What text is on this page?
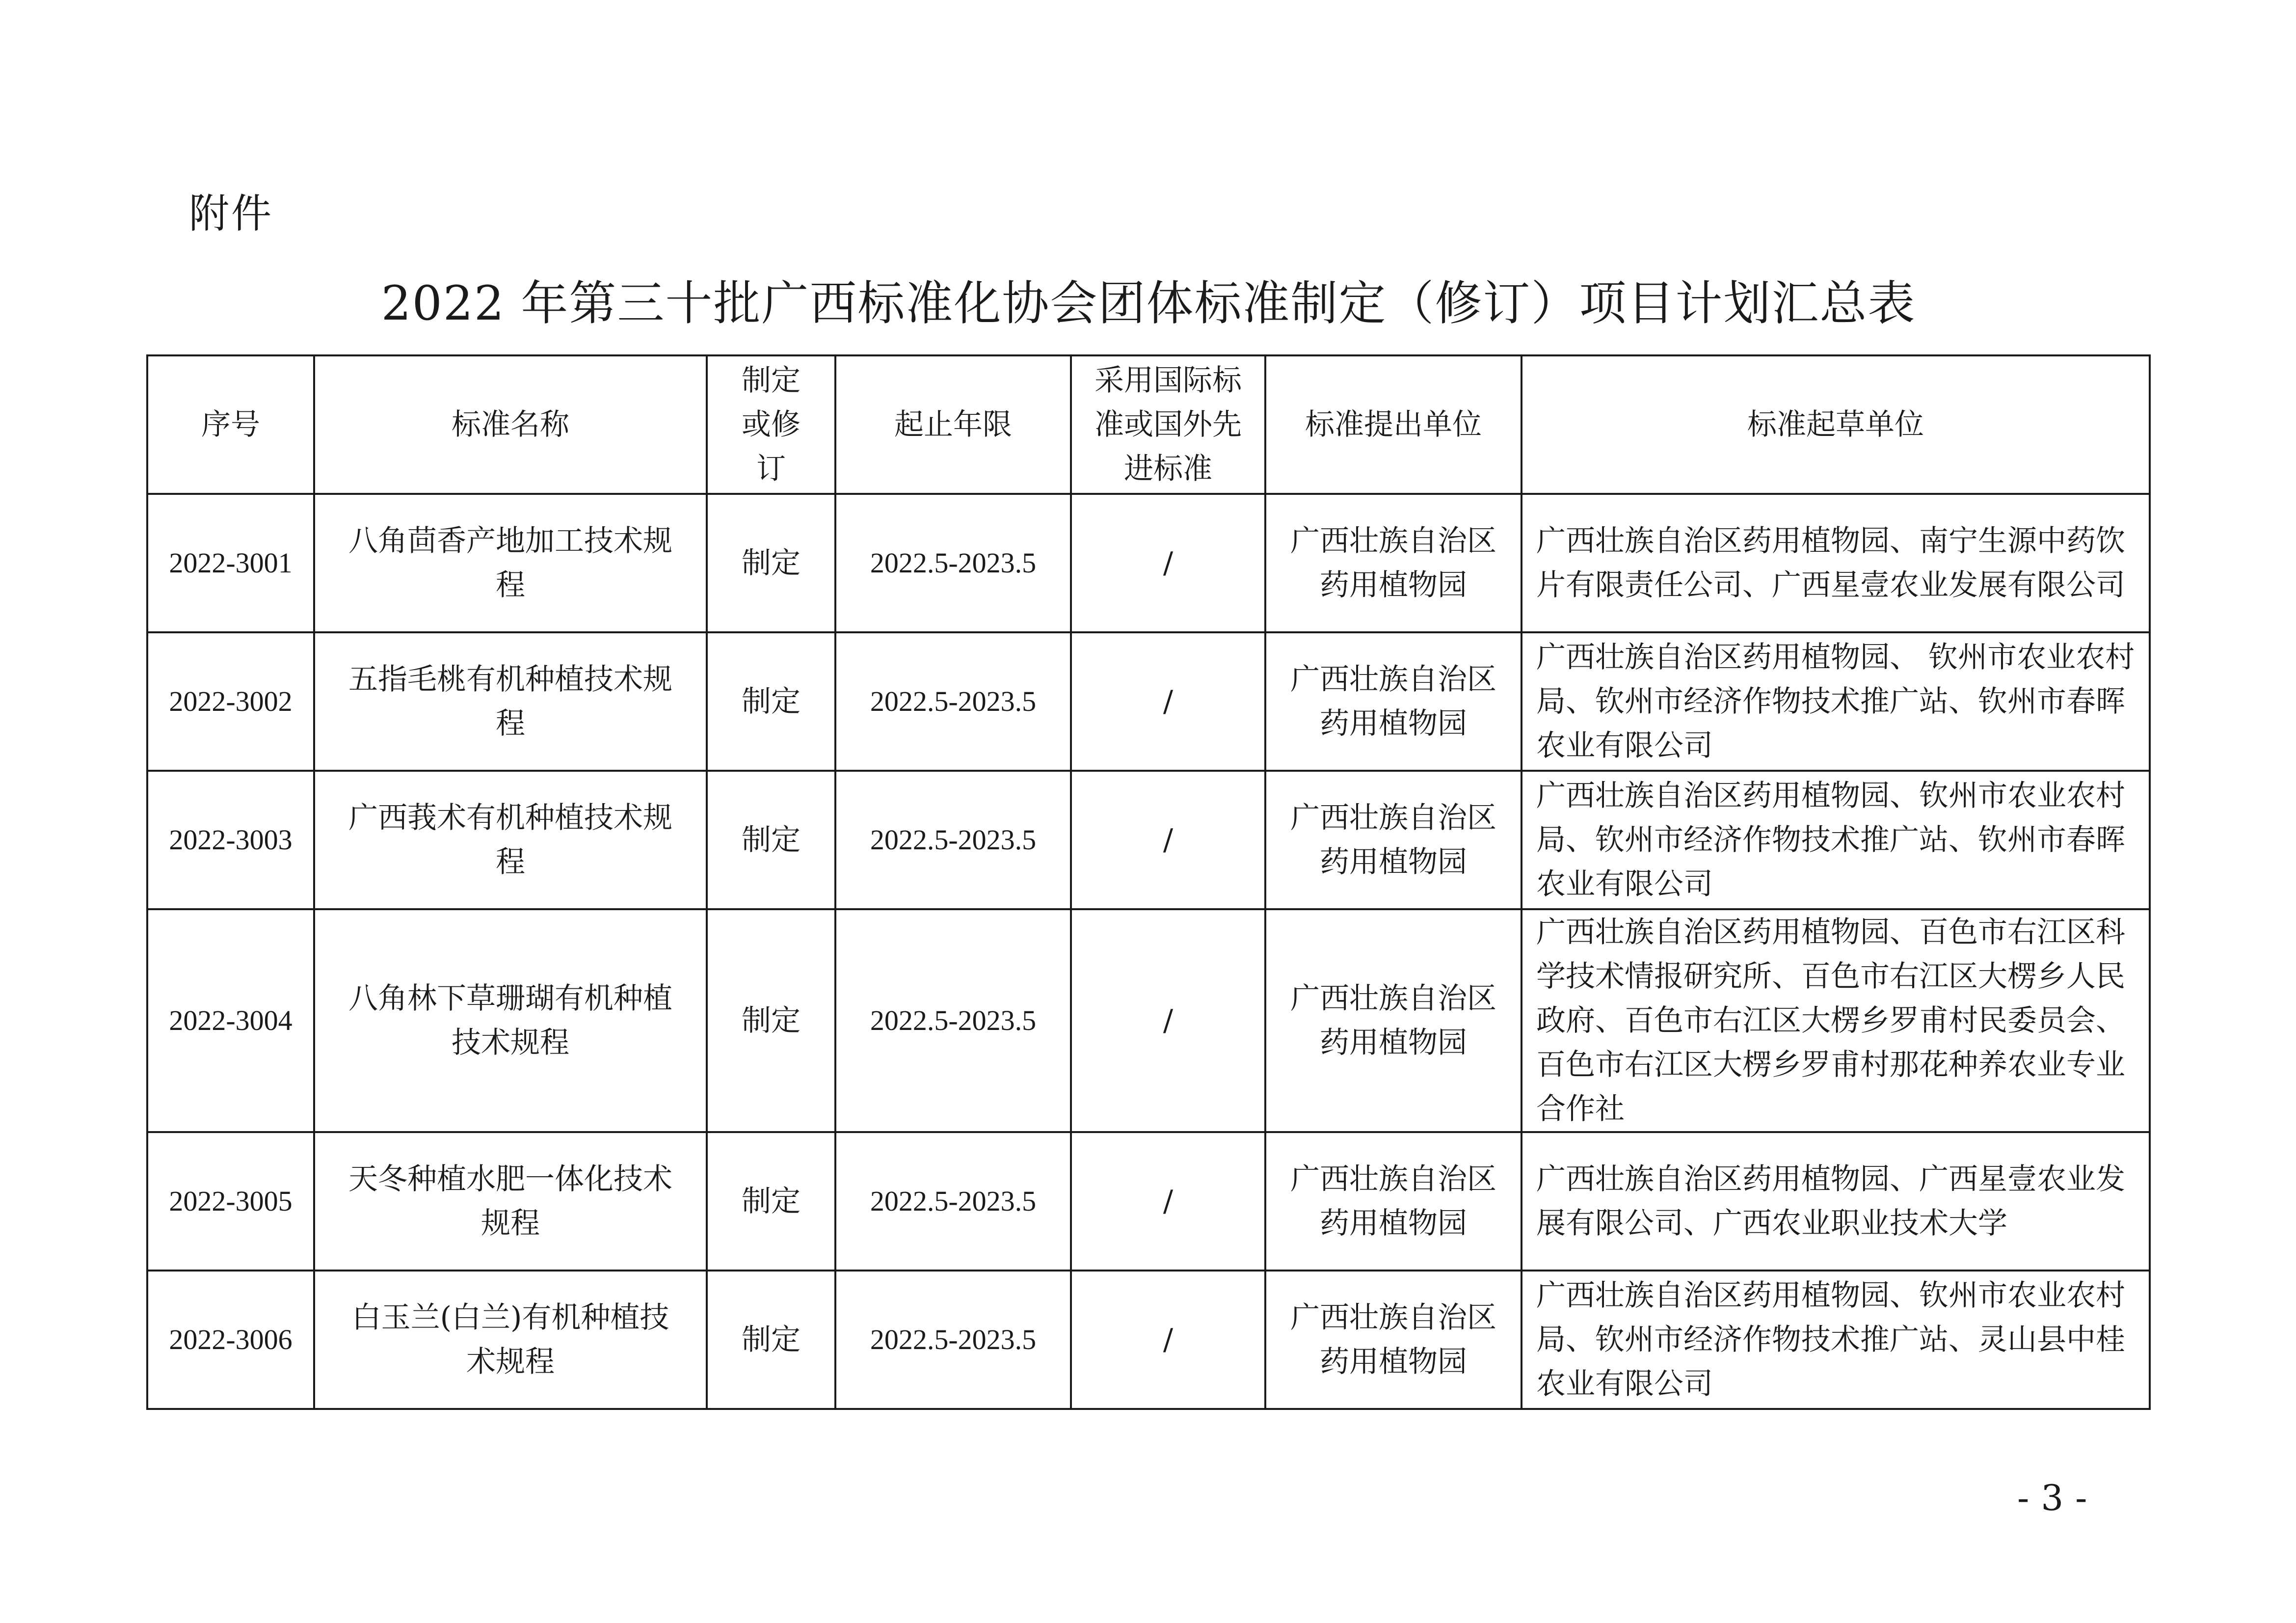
附件
2022 年第三十批广西标准化协会团体标准制定（修订）项目计划汇总表
序号	标准名称	制定或修订	起止年限	采用国际标准或国外先进标准	标准提出单位	标准起草单位
2022-3001	八角茴香产地加工技术规程	制定	2022.5-2023.5	/	广西壮族自治区药用植物园	广西壮族自治区药用植物园、南宁生源中药饮片有限责任公司、广西星壹农业发展有限公司
2022-3002	五指毛桃有机种植技术规程	制定	2022.5-2023.5	/	广西壮族自治区药用植物园	广西壮族自治区药用植物园、 钦州市农业农村局、钦州市经济作物技术推广站、钦州市春晖农业有限公司
2022-3003	广西莪术有机种植技术规程	制定	2022.5-2023.5	/	广西壮族自治区药用植物园	广西壮族自治区药用植物园、钦州市农业农村局、钦州市经济作物技术推广站、钦州市春晖农业有限公司
2022-3004	八角林下草珊瑚有机种植技术规程	制定	2022.5-2023.5	/	广西壮族自治区药用植物园	广西壮族自治区药用植物园、百色市右江区科学技术情报研究所、百色市右江区大楞乡人民政府、百色市右江区大楞乡罗甫村民委员会、百色市右江区大楞乡罗甫村那花种养农业专业合作社
2022-3005	天冬种植水肥一体化技术规程	制定	2022.5-2023.5	/	广西壮族自治区药用植物园	广西壮族自治区药用植物园、广西星壹农业发展有限公司、广西农业职业技术大学
2022-3006	白玉兰(白兰)有机种植技术规程	制定	2022.5-2023.5	/	广西壮族自治区药用植物园	广西壮族自治区药用植物园、钦州市农业农村局、钦州市经济作物技术推广站、灵山县中桂农业有限公司
-3-
